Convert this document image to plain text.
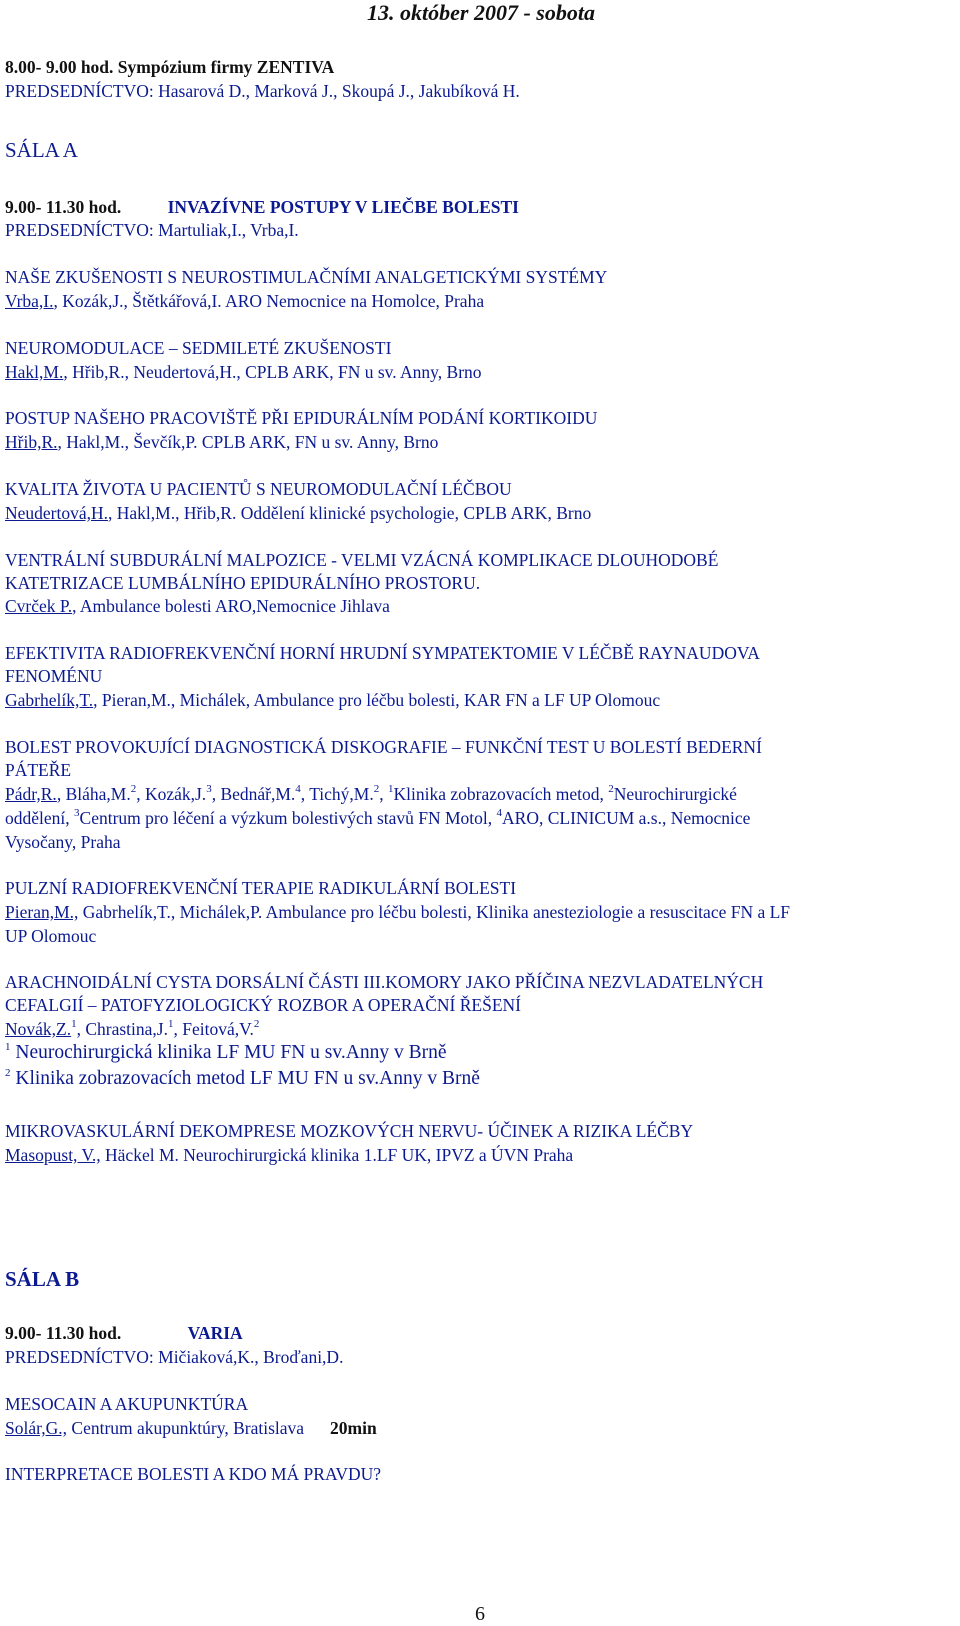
13. október 2007 - sobota
8.00- 9.00 hod. Sympózium firmy ZENTIVA
PREDSEDNÍCTVO: Hasarová D., Marková J., Skoupá J., Jakubíková H.
SÁLA A
9.00- 11.30 hod.	INVAZÍVNE POSTUPY V LIEČBE BOLESTI
PREDSEDNÍCTVO: Martuliak,I., Vrba,I.
NAŠE ZKUŠENOSTI S NEUROSTIMULAČNÍMI ANALGETICKÝMI SYSTÉMY
Vrba,I., Kozák,J., Štětkářová,I. ARO Nemocnice na Homolce, Praha
NEUROMODULACE – SEDMILETÉ ZKUŠENOSTI
Hakl,M., Hřib,R., Neudertová,H., CPLB ARK, FN u sv. Anny, Brno
POSTUP NAŠEHO PRACOVIŠTĚ PŘI EPIDURÁLNÍM PODÁNÍ KORTIKOIDU
Hřib,R., Hakl,M., Ševčík,P. CPLB ARK, FN u sv. Anny, Brno
KVALITA ŽIVOTA U PACIENTŮ S NEUROMODULAČNÍ LÉČBOU
Neudertová,H., Hakl,M., Hřib,R. Oddělení klinické psychologie, CPLB ARK, Brno
VENTRÁLNÍ SUBDURÁLNÍ MALPOZICE - VELMI VZÁCNÁ KOMPLIKACE DLOUHODOBÉ
KATETRIZACE LUMBÁLNÍHO EPIDURÁLNÍHO PROSTORU.
Cvrček P., Ambulance bolesti ARO,Nemocnice Jihlava
EFEKTIVITA RADIOFREKVENČNÍ HORNÍ HRUDNÍ SYMPATEKTOMIE V LÉČBĚ RAYNAUDOVA
FENOMÉNU
Gabrhelík,T., Pieran,M., Michálek, Ambulance pro léčbu bolesti, KAR FN a LF UP Olomouc
BOLEST PROVOKUJÍCÍ DIAGNOSTICKÁ DISKOGRAFIE – FUNKČNÍ TEST U BOLESTÍ BEDERNÍ
PÁTEŘE
Pádr,R., Bláha,M.$^2$, Kozák,J.$^3$, Bednář,M.$^4$, Tichý,M.$^2$, $^1$Klinika zobrazovacích metod, $^2$Neurochirurgické
oddělení, $^3$Centrum pro léčení a výzkum bolestivých stavů FN Motol, $^4$ARO, CLINICUM a.s., Nemocnice
Vysočany, Praha
PULZNÍ RADIOFREKVENČNÍ TERAPIE RADIKULÁRNÍ BOLESTI
Pieran,M., Gabrhelík,T., Michálek,P. Ambulance pro léčbu bolesti, Klinika anesteziologie a resuscitace FN a LF
UP Olomouc
ARACHNOIDÁLNÍ CYSTA DORSÁLNÍ ČÁSTI III.KOMORY JAKO PŘÍČINA NEZVLADATELNÝCH
CEFALGIÍ – PATOFYZIOLOGICKÝ ROZBOR A OPERAČNÍ ŘEŠENÍ
Novák,Z.$^1$, Chrastina,J.$^1$, Feitová,V.$^2$
$^1$ Neurochirurgická klinika LF MU FN u sv.Anny v Brně
$^2$ Klinika zobrazovacích metod LF MU FN u sv.Anny v Brně
MIKROVASKULÁRNÍ DEKOMPRESE MOZKOVÝCH NERVU- ÚČINEK A RIZIKA LÉČBY
Masopust, V., Häckel M. Neurochirurgická klinika 1.LF UK, IPVZ a ÚVN Praha
SÁLA B
9.00- 11.30 hod.	VARIA
PREDSEDNÍCTVO: Mičiaková,K., Broďani,D.
MESOCAIN A AKUPUNKTÚRA
Solár,G., Centrum akupunktúry, Bratislava 20min
INTERPRETACE BOLESTI A KDO MÁ PRAVDU?
6
